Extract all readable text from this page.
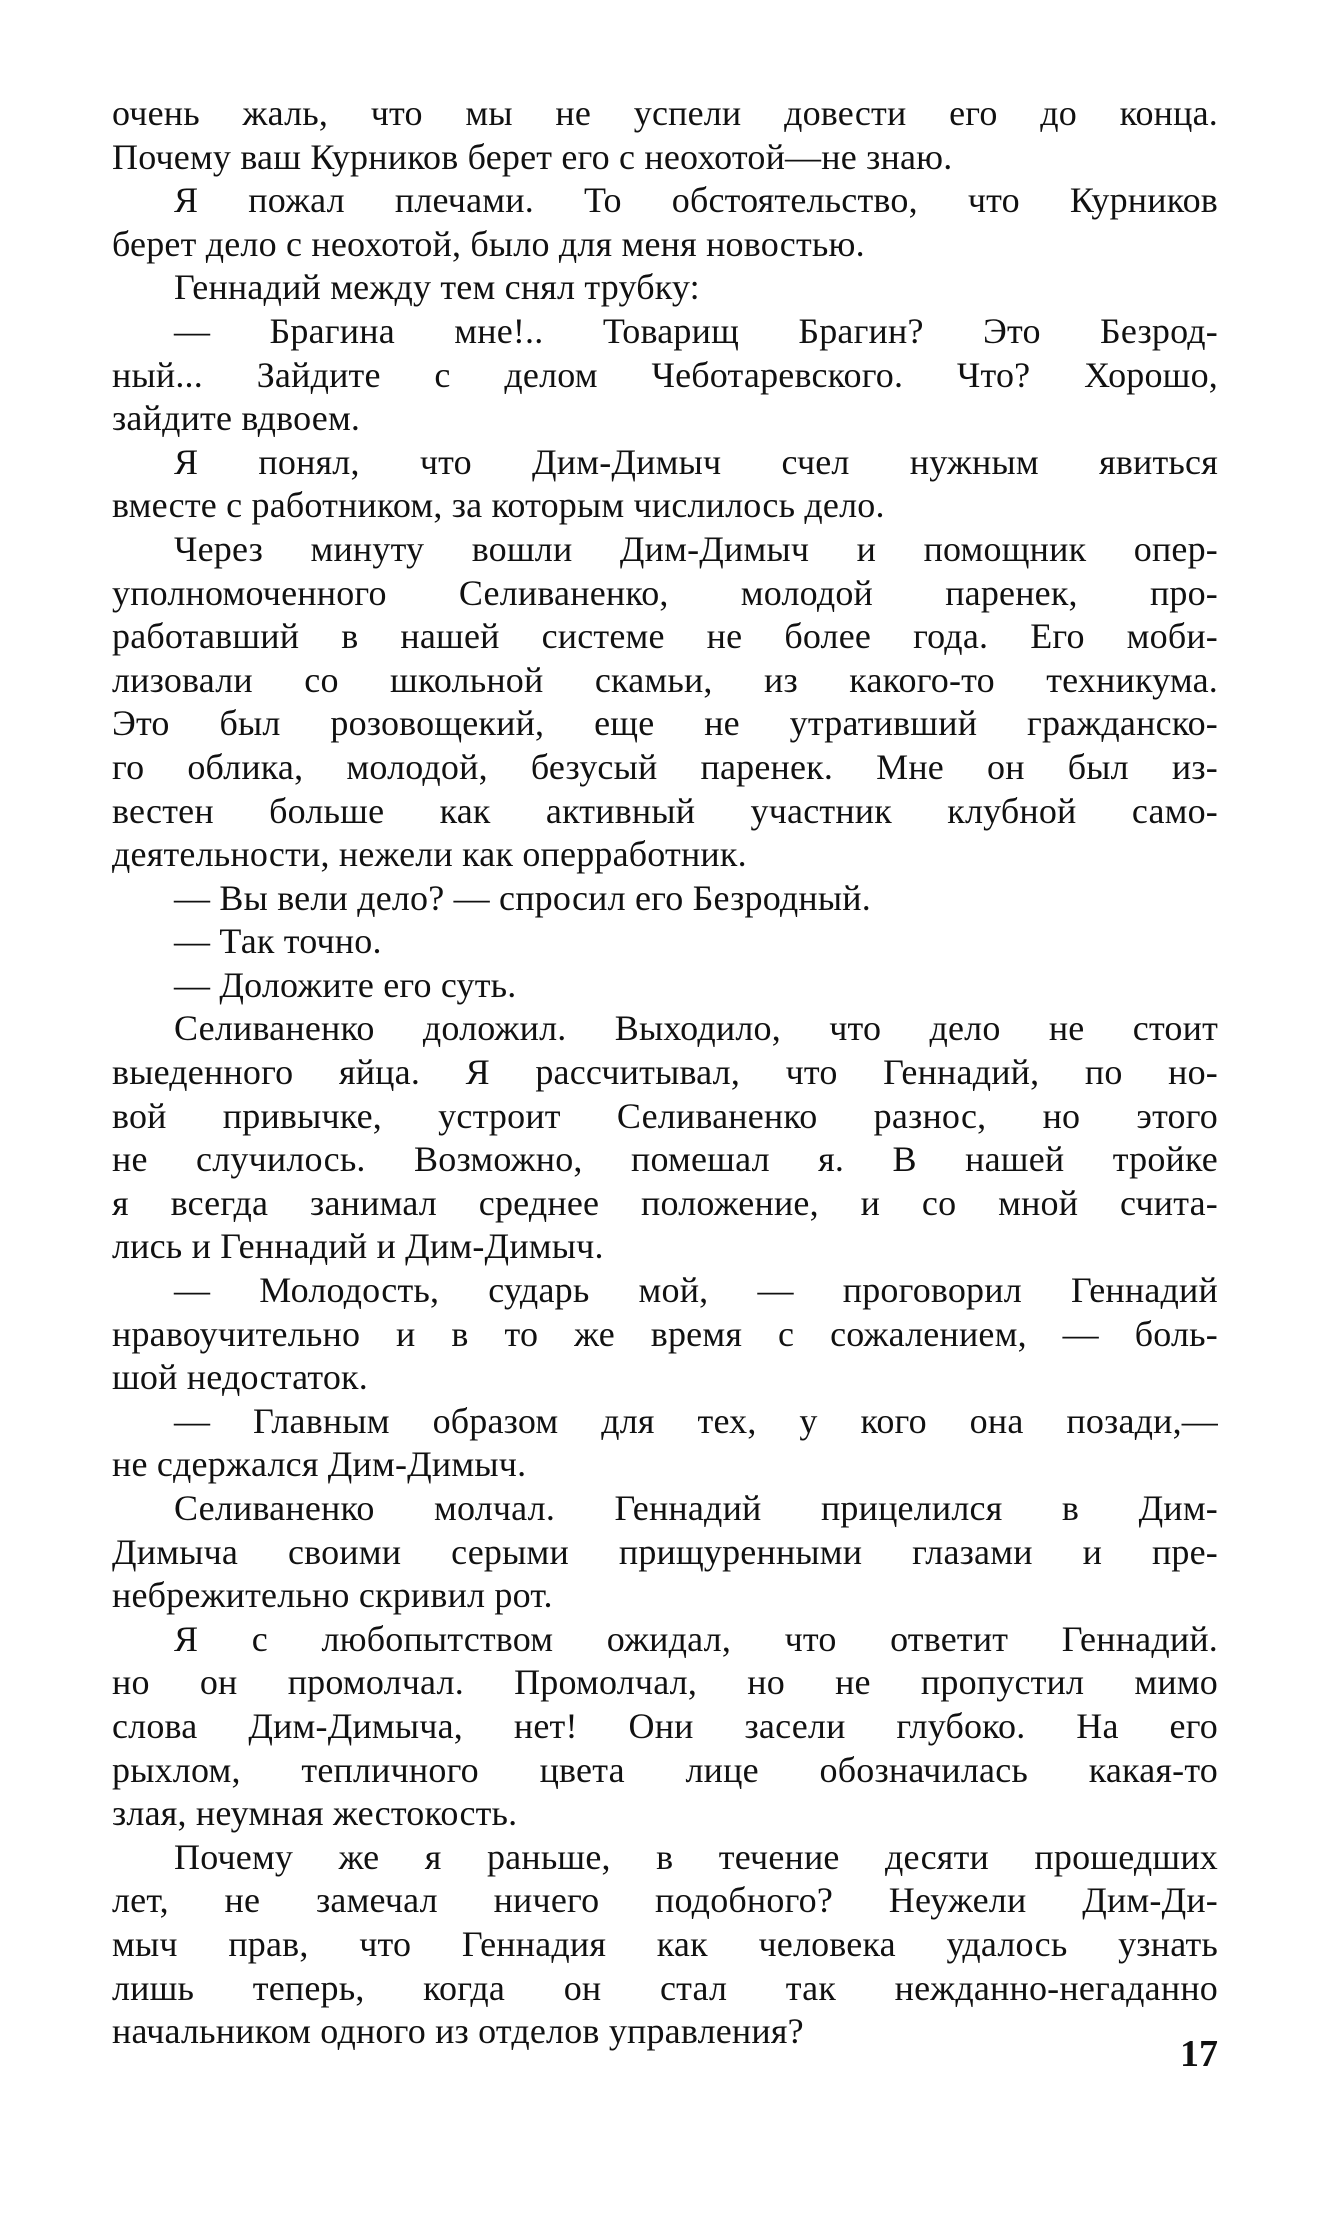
очень жаль, что мы не успели довести его до конца.
Почему ваш Курников берет его с неохотой—не знаю.
Я пожал плечами. То обстоятельство, что Курников
берет дело с неохотой, было для меня новостью.
Геннадий между тем снял трубку:
— Брагина мне!.. Товарищ Брагин? Это Безрод-
ный... Зайдите с делом Чеботаревского. Что? Хорошо,
зайдите вдвоем.
Я понял, что Дим-Димыч счел нужным явиться
вместе с работником, за которым числилось дело.
Через минуту вошли Дим-Димыч и помощник опер-
уполномоченного Селиваненко, молодой паренек, про-
работавший в нашей системе не более года. Его моби-
лизовали со школьной скамьи, из какого-то техникума.
Это был розовощекий, еще не утративший гражданско-
го облика, молодой, безусый паренек. Мне он был из-
вестен больше как активный участник клубной само-
деятельности, нежели как оперработник.
— Вы вели дело? — спросил его Безродный.
— Так точно.
— Доложите его суть.
Селиваненко доложил. Выходило, что дело не стоит
выеденного яйца. Я рассчитывал, что Геннадий, по но-
вой привычке, устроит Селиваненко разнос, но этого
не случилось. Возможно, помешал я. В нашей тройке
я всегда занимал среднее положение, и со мной счита-
лись и Геннадий и Дим-Димыч.
— Молодость, сударь мой, — проговорил Геннадий
нравоучительно и в то же время с сожалением, — боль-
шой недостаток.
— Главным образом для тех, у кого она позади,—
не сдержался Дим-Димыч.
Селиваненко молчал. Геннадий прицелился в Дим-
Димыча своими серыми прищуренными глазами и пре-
небрежительно скривил рот.
Я с любопытством ожидал, что ответит Геннадий.
но он промолчал. Промолчал, но не пропустил мимо
слова Дим-Димыча, нет! Они засели глубоко. На его
рыхлом, тепличного цвета лице обозначилась какая-то
злая, неумная жестокость.
Почему же я раньше, в течение десяти прошедших
лет, не замечал ничего подобного? Неужели Дим-Ди-
мыч прав, что Геннадия как человека удалось узнать
лишь теперь, когда он стал так нежданно-негаданно
начальником одного из отделов управления?
17
